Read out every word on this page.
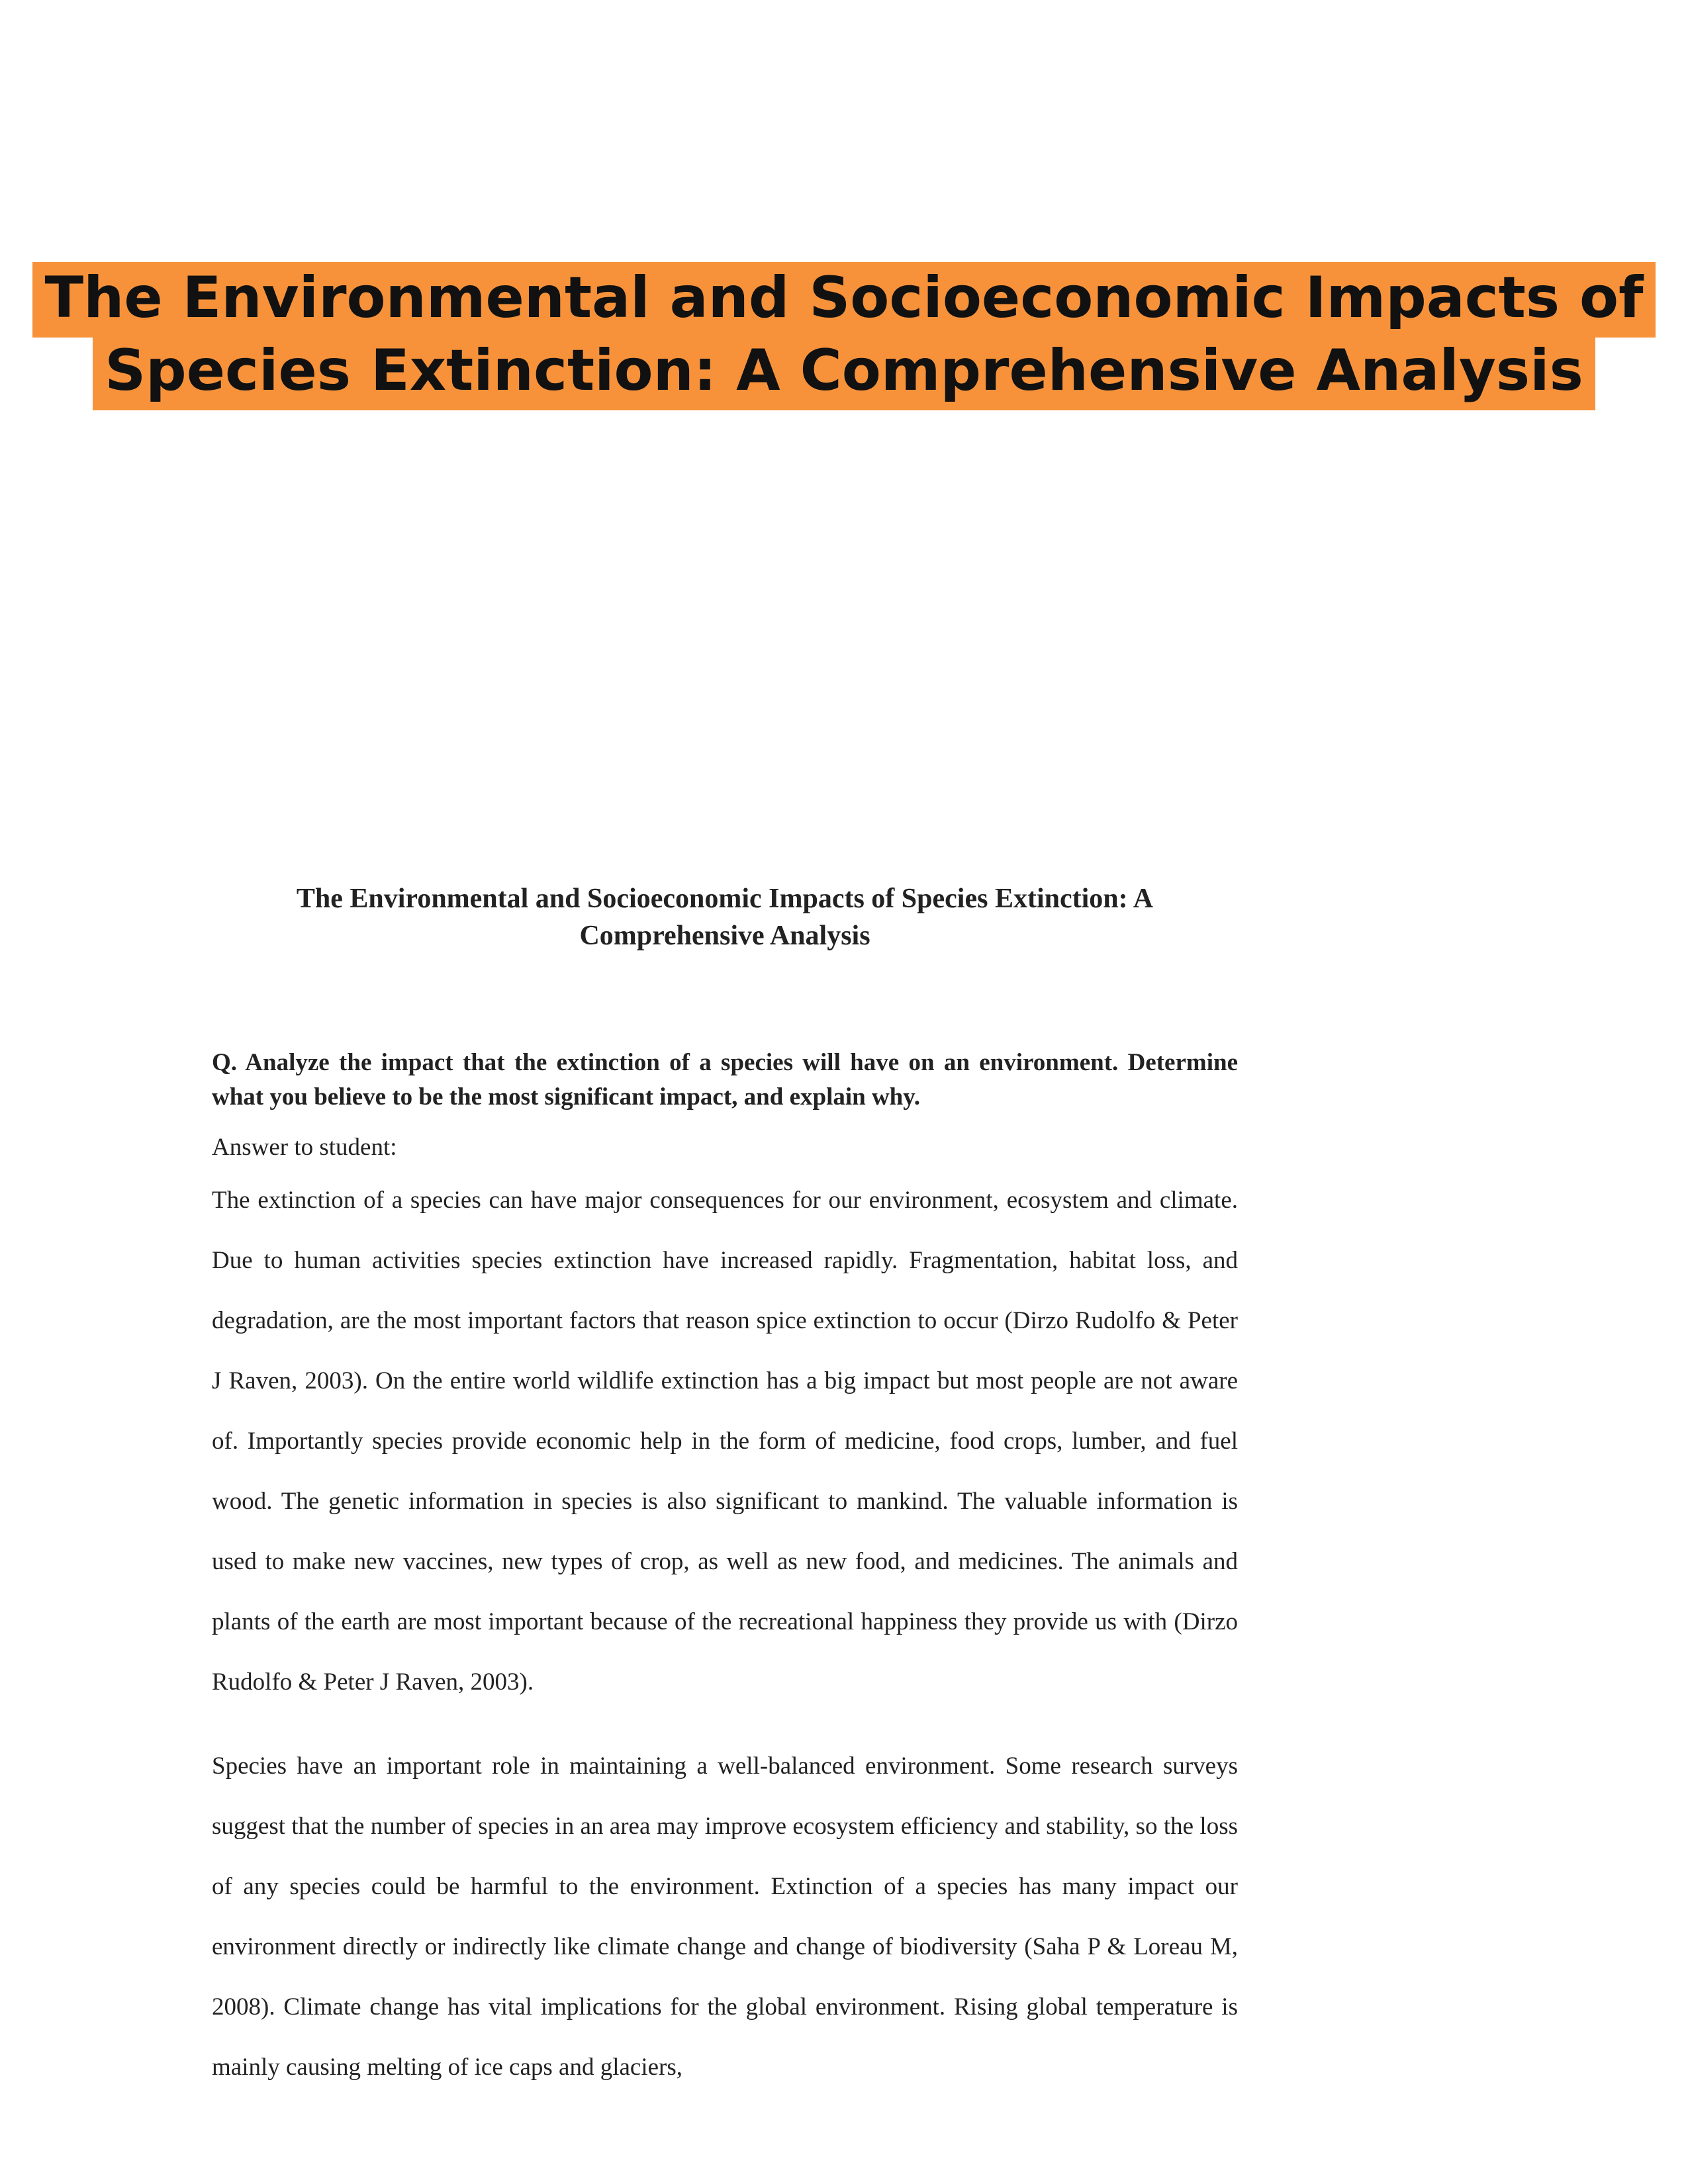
The Environmental and Socioeconomic Impacts of
Species Extinction: A Comprehensive Analysis
The Environmental and Socioeconomic Impacts of Species Extinction: A Comprehensive Analysis

Q. Analyze the impact that the extinction of a species will have on an environment. Determine what you believe to be the most significant impact, and explain why.

Answer to student:

The extinction of a species can have major consequences for our environment, ecosystem and climate. Due to human activities species extinction have increased rapidly. Fragmentation, habitat loss, and degradation, are the most important factors that reason spice extinction to occur (Dirzo Rudolfo & Peter J Raven, 2003). On the entire world wildlife extinction has a big impact but most people are not aware of. Importantly species provide economic help in the form of medicine, food crops, lumber, and fuel wood. The genetic information in species is also significant to mankind. The valuable information is used to make new vaccines, new types of crop, as well as new food, and medicines. The animals and plants of the earth are most important because of the recreational happiness they provide us with (Dirzo Rudolfo & Peter J Raven, 2003).

Species have an important role in maintaining a well-balanced environment. Some research surveys suggest that the number of species in an area may improve ecosystem efficiency and stability, so the loss of any species could be harmful to the environment. Extinction of a species has many impact our environment directly or indirectly like climate change and change of biodiversity (Saha P & Loreau M, 2008). Climate change has vital implications for the global environment. Rising global temperature is mainly causing melting of ice caps and glaciers,
